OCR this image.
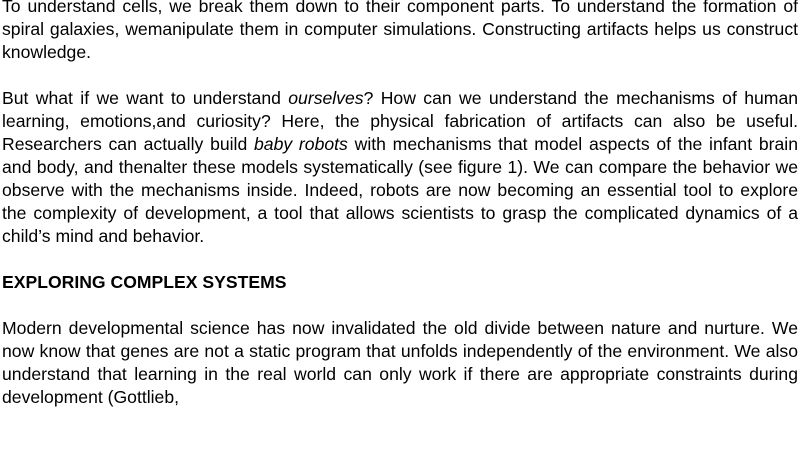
To understand cells, we break them down to their component parts. To understand the formation of spiral galaxies, wemanipulate them in computer simulations. Constructing artifacts helps us construct knowledge.

But what if we want to understand ourselves? How can we understand the mechanisms of human learning, emotions,and curiosity? Here, the physical fabrication of artifacts can also be useful. Researchers can actually build baby robots with mechanisms that model aspects of the infant brain and body, and thenalter these models systematically (see figure 1). We can compare the behavior we observe with the mechanisms inside. Indeed, robots are now becoming an essential tool to explore the complexity of development, a tool that allows scientists to grasp the complicated dynamics of a child’s mind and behavior.

EXPLORING COMPLEX SYSTEMS

Modern developmental science has now invalidated the old divide between nature and nurture. We now know that genes are not a static program that unfolds independently of the environment. We also understand that learning in the real world can only work if there are appropriate constraints during development (Gottlieb,
